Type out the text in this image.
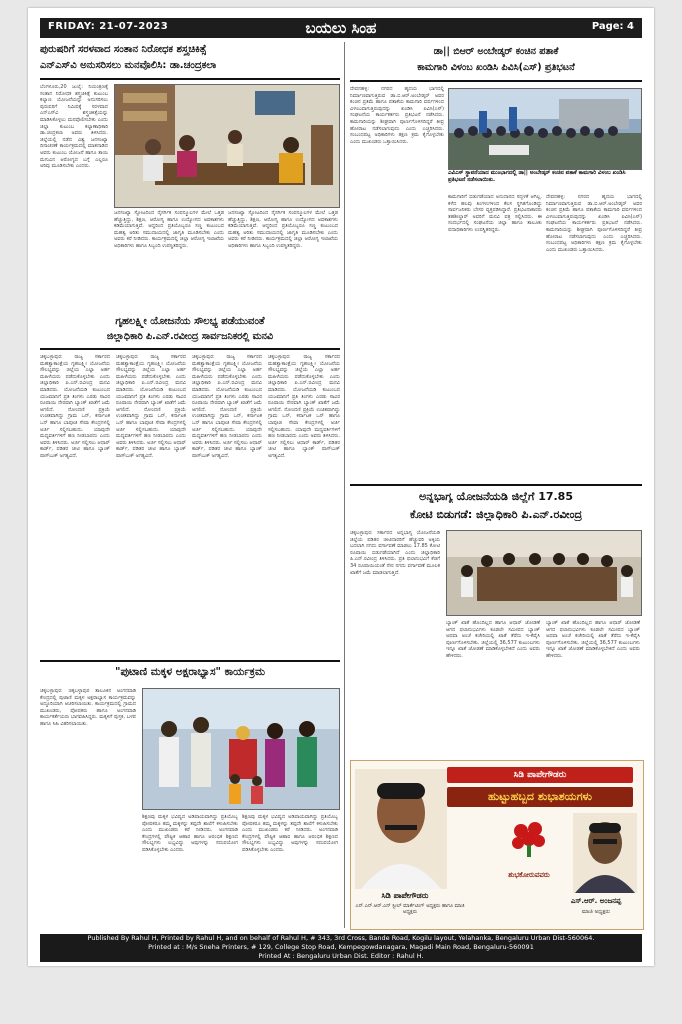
FRIDAY: 21-07-2023	ಬಯಲು ಸಿಂಹ	Page: 4
ಪುರುಷರಿಗೆ ಸರಳವಾದ ಸಂತಾನ ನಿರೋಧಕ ಶಸ್ತ್ರಚಿಕಿತ್ಸೆ
ಎನ್‌ಎಸ್‌ವಿ ಅನುಸರಿಸಲು ಮನವೊಲಿಸಿ: ಡಾ.ಚಂದ್ರಕಲಾ
ಬೆಂಗಳೂರು,20 ಜುಲೈ: ನಿಯಂತ್ರಣಕ್ಕೆ ಸಂತಾನ ನಿರೋಧಕ ಶಸ್ತ್ರಚಿಕಿತ್ಸೆ ಕುಟುಂಬ ಕಲ್ಯಾಣ ಯೋಜನೆಯನ್ನು ಅನುಸರಿಸಲು ಪುರುಷರಿಗೆ ನಿಮಿಷಕ್ಕೆ ಸರಳವಾದ ಎನ್‌ಎಸ್‌ವಿ ಶಸ್ತ್ರಚಿಕಿತ್ಸೆಯನ್ನು ಮಾಡಿಸಿಕೊಳ್ಳಲು ಮನವೊಲಿಸಬೇಕು ಎಂದು ಜಿಲ್ಲಾ ಕುಟುಂಬ ಕಲ್ಯಾಣಾಧಿಕಾರಿ ಡಾ.ಚಂದ್ರಕಲಾ ಅವರು ತಿಳಿಸಿದರು. ಜಿಲ್ಲೆಯಲ್ಲಿ ನಡೆದ ವಿಶ್ವ ಜನಸಂಖ್ಯಾ ದಿನಾಚರಣೆ ಕಾರ್ಯಕ್ರಮದಲ್ಲಿ ಮಾತನಾಡಿದ ಅವರು ಕುಟುಂಬ ಯೋಜನೆ ಹಾಗೂ ತಾಯಿ ಮಗುವಿನ ಆರೋಗ್ಯದ ಬಗ್ಗೆ ಎಲ್ಲರೂ ಅರಿವು ಮೂಡಿಸಬೇಕು ಎಂದರು.
ಜನಸಂಖ್ಯಾ ಸ್ಫೋಟದಿಂದ ನೈಸರ್ಗಿಕ ಸಂಪನ್ಮೂಲಗಳ ಮೇಲೆ ಒತ್ತಡ ಹೆಚ್ಚುತ್ತಿದ್ದು, ಶಿಕ್ಷಣ, ಆರೋಗ್ಯ ಹಾಗೂ ಉದ್ಯೋಗದ ಅವಕಾಶಗಳು ಕಡಿಮೆಯಾಗುತ್ತಿವೆ. ಆದ್ದರಿಂದ ಪ್ರತಿಯೊಬ್ಬರೂ ಸಣ್ಣ ಕುಟುಂಬದ ಮಹತ್ವ ಅರಿತು ಸಮುದಾಯದಲ್ಲಿ ಜಾಗೃತಿ ಮೂಡಿಸಬೇಕು ಎಂದು ಅವರು ಕರೆ ನೀಡಿದರು. ಕಾರ್ಯಕ್ರಮದಲ್ಲಿ ಜಿಲ್ಲಾ ಆರೋಗ್ಯ ಇಲಾಖೆಯ ಅಧಿಕಾರಿಗಳು ಹಾಗೂ ಸಿಬ್ಬಂದಿ ಉಪಸ್ಥಿತರಿದ್ದರು.
ಜನಸಂಖ್ಯಾ ಸ್ಫೋಟದಿಂದ ನೈಸರ್ಗಿಕ ಸಂಪನ್ಮೂಲಗಳ ಮೇಲೆ ಒತ್ತಡ ಹೆಚ್ಚುತ್ತಿದ್ದು, ಶಿಕ್ಷಣ, ಆರೋಗ್ಯ ಹಾಗೂ ಉದ್ಯೋಗದ ಅವಕಾಶಗಳು ಕಡಿಮೆಯಾಗುತ್ತಿವೆ. ಆದ್ದರಿಂದ ಪ್ರತಿಯೊಬ್ಬರೂ ಸಣ್ಣ ಕುಟುಂಬದ ಮಹತ್ವ ಅರಿತು ಸಮುದಾಯದಲ್ಲಿ ಜಾಗೃತಿ ಮೂಡಿಸಬೇಕು ಎಂದು ಅವರು ಕರೆ ನೀಡಿದರು. ಕಾರ್ಯಕ್ರಮದಲ್ಲಿ ಜಿಲ್ಲಾ ಆರೋಗ್ಯ ಇಲಾಖೆಯ ಅಧಿಕಾರಿಗಳು ಹಾಗೂ ಸಿಬ್ಬಂದಿ ಉಪಸ್ಥಿತರಿದ್ದರು.
ಗೃಹಲಕ್ಷ್ಮೀ ಯೋಜನೆಯ ಸೌಲಭ್ಯ ಪಡೆಯುವಂತೆ
ಜಿಲ್ಲಾಧಿಕಾರಿ ಪಿ.ಎನ್.ರವೀಂದ್ರ ಸಾರ್ವಜನಿಕರಲ್ಲಿ ಮನವಿ
ಚಿಕ್ಕಬಳ್ಳಾಪುರ: ರಾಜ್ಯ ಸರ್ಕಾರದ ಮಹತ್ವಾಕಾಂಕ್ಷೆಯ ಗೃಹಲಕ್ಷ್ಮೀ ಯೋಜನೆಯ ಸೌಲಭ್ಯವನ್ನು ಜಿಲ್ಲೆಯ ಎಲ್ಲಾ ಅರ್ಹ ಮಹಿಳೆಯರು ಪಡೆದುಕೊಳ್ಳಬೇಕು ಎಂದು ಜಿಲ್ಲಾಧಿಕಾರಿ ಪಿ.ಎನ್.ರವೀಂದ್ರ ಮನವಿ ಮಾಡಿದರು. ಯೋಜನೆಯಡಿ ಕುಟುಂಬದ ಯಜಮಾನಿಗೆ ಪ್ರತಿ ತಿಂಗಳು ಎರಡು ಸಾವಿರ ರೂಪಾಯಿ ನೇರವಾಗಿ ಬ್ಯಾಂಕ್ ಖಾತೆಗೆ ಜಮೆ ಆಗಲಿದೆ. ನೋಂದಣಿ ಪ್ರಕ್ರಿಯೆ ಉಚಿತವಾಗಿದ್ದು ಗ್ರಾಮ ಒನ್, ಕರ್ನಾಟಕ ಒನ್ ಹಾಗೂ ಬಾಪೂಜಿ ಸೇವಾ ಕೇಂದ್ರಗಳಲ್ಲಿ ಅರ್ಜಿ ಸಲ್ಲಿಸಬಹುದು. ಯಾವುದೇ ಮಧ್ಯವರ್ತಿಗಳಿಗೆ ಹಣ ನೀಡಬಾರದು ಎಂದು ಅವರು ತಿಳಿಸಿದರು. ಅರ್ಜಿ ಸಲ್ಲಿಸಲು ಆಧಾರ್ ಕಾರ್ಡ್, ಪಡಿತರ ಚೀಟಿ ಹಾಗೂ ಬ್ಯಾಂಕ್ ಪಾಸ್‌ಬುಕ್ ಅಗತ್ಯವಿದೆ.
ಚಿಕ್ಕಬಳ್ಳಾಪುರ: ರಾಜ್ಯ ಸರ್ಕಾರದ ಮಹತ್ವಾಕಾಂಕ್ಷೆಯ ಗೃಹಲಕ್ಷ್ಮೀ ಯೋಜನೆಯ ಸೌಲಭ್ಯವನ್ನು ಜಿಲ್ಲೆಯ ಎಲ್ಲಾ ಅರ್ಹ ಮಹಿಳೆಯರು ಪಡೆದುಕೊಳ್ಳಬೇಕು ಎಂದು ಜಿಲ್ಲಾಧಿಕಾರಿ ಪಿ.ಎನ್.ರವೀಂದ್ರ ಮನವಿ ಮಾಡಿದರು. ಯೋಜನೆಯಡಿ ಕುಟುಂಬದ ಯಜಮಾನಿಗೆ ಪ್ರತಿ ತಿಂಗಳು ಎರಡು ಸಾವಿರ ರೂಪಾಯಿ ನೇರವಾಗಿ ಬ್ಯಾಂಕ್ ಖಾತೆಗೆ ಜಮೆ ಆಗಲಿದೆ. ನೋಂದಣಿ ಪ್ರಕ್ರಿಯೆ ಉಚಿತವಾಗಿದ್ದು ಗ್ರಾಮ ಒನ್, ಕರ್ನಾಟಕ ಒನ್ ಹಾಗೂ ಬಾಪೂಜಿ ಸೇವಾ ಕೇಂದ್ರಗಳಲ್ಲಿ ಅರ್ಜಿ ಸಲ್ಲಿಸಬಹುದು. ಯಾವುದೇ ಮಧ್ಯವರ್ತಿಗಳಿಗೆ ಹಣ ನೀಡಬಾರದು ಎಂದು ಅವರು ತಿಳಿಸಿದರು. ಅರ್ಜಿ ಸಲ್ಲಿಸಲು ಆಧಾರ್ ಕಾರ್ಡ್, ಪಡಿತರ ಚೀಟಿ ಹಾಗೂ ಬ್ಯಾಂಕ್ ಪಾಸ್‌ಬುಕ್ ಅಗತ್ಯವಿದೆ.
ಚಿಕ್ಕಬಳ್ಳಾಪುರ: ರಾಜ್ಯ ಸರ್ಕಾರದ ಮಹತ್ವಾಕಾಂಕ್ಷೆಯ ಗೃಹಲಕ್ಷ್ಮೀ ಯೋಜನೆಯ ಸೌಲಭ್ಯವನ್ನು ಜಿಲ್ಲೆಯ ಎಲ್ಲಾ ಅರ್ಹ ಮಹಿಳೆಯರು ಪಡೆದುಕೊಳ್ಳಬೇಕು ಎಂದು ಜಿಲ್ಲಾಧಿಕಾರಿ ಪಿ.ಎನ್.ರವೀಂದ್ರ ಮನವಿ ಮಾಡಿದರು. ಯೋಜನೆಯಡಿ ಕುಟುಂಬದ ಯಜಮಾನಿಗೆ ಪ್ರತಿ ತಿಂಗಳು ಎರಡು ಸಾವಿರ ರೂಪಾಯಿ ನೇರವಾಗಿ ಬ್ಯಾಂಕ್ ಖಾತೆಗೆ ಜಮೆ ಆಗಲಿದೆ. ನೋಂದಣಿ ಪ್ರಕ್ರಿಯೆ ಉಚಿತವಾಗಿದ್ದು ಗ್ರಾಮ ಒನ್, ಕರ್ನಾಟಕ ಒನ್ ಹಾಗೂ ಬಾಪೂಜಿ ಸೇವಾ ಕೇಂದ್ರಗಳಲ್ಲಿ ಅರ್ಜಿ ಸಲ್ಲಿಸಬಹುದು. ಯಾವುದೇ ಮಧ್ಯವರ್ತಿಗಳಿಗೆ ಹಣ ನೀಡಬಾರದು ಎಂದು ಅವರು ತಿಳಿಸಿದರು. ಅರ್ಜಿ ಸಲ್ಲಿಸಲು ಆಧಾರ್ ಕಾರ್ಡ್, ಪಡಿತರ ಚೀಟಿ ಹಾಗೂ ಬ್ಯಾಂಕ್ ಪಾಸ್‌ಬುಕ್ ಅಗತ್ಯವಿದೆ.
ಚಿಕ್ಕಬಳ್ಳಾಪುರ: ರಾಜ್ಯ ಸರ್ಕಾರದ ಮಹತ್ವಾಕಾಂಕ್ಷೆಯ ಗೃಹಲಕ್ಷ್ಮೀ ಯೋಜನೆಯ ಸೌಲಭ್ಯವನ್ನು ಜಿಲ್ಲೆಯ ಎಲ್ಲಾ ಅರ್ಹ ಮಹಿಳೆಯರು ಪಡೆದುಕೊಳ್ಳಬೇಕು ಎಂದು ಜಿಲ್ಲಾಧಿಕಾರಿ ಪಿ.ಎನ್.ರವೀಂದ್ರ ಮನವಿ ಮಾಡಿದರು. ಯೋಜನೆಯಡಿ ಕುಟುಂಬದ ಯಜಮಾನಿಗೆ ಪ್ರತಿ ತಿಂಗಳು ಎರಡು ಸಾವಿರ ರೂಪಾಯಿ ನೇರವಾಗಿ ಬ್ಯಾಂಕ್ ಖಾತೆಗೆ ಜಮೆ ಆಗಲಿದೆ. ನೋಂದಣಿ ಪ್ರಕ್ರಿಯೆ ಉಚಿತವಾಗಿದ್ದು ಗ್ರಾಮ ಒನ್, ಕರ್ನಾಟಕ ಒನ್ ಹಾಗೂ ಬಾಪೂಜಿ ಸೇವಾ ಕೇಂದ್ರಗಳಲ್ಲಿ ಅರ್ಜಿ ಸಲ್ಲಿಸಬಹುದು. ಯಾವುದೇ ಮಧ್ಯವರ್ತಿಗಳಿಗೆ ಹಣ ನೀಡಬಾರದು ಎಂದು ಅವರು ತಿಳಿಸಿದರು. ಅರ್ಜಿ ಸಲ್ಲಿಸಲು ಆಧಾರ್ ಕಾರ್ಡ್, ಪಡಿತರ ಚೀಟಿ ಹಾಗೂ ಬ್ಯಾಂಕ್ ಪಾಸ್‌ಬುಕ್ ಅಗತ್ಯವಿದೆ.
"ಪುಟಾಣಿ ಮಕ್ಕಳ ಅಕ್ಷರಾಭ್ಯಾಸ" ಕಾರ್ಯಕ್ರಮ
ಚಿಕ್ಕಬಳ್ಳಾಪುರ: ಚಿಕ್ಕಬಳ್ಳಾಪುರ ತಾಲೂಕಿನ ಅಂಗನವಾಡಿ ಕೇಂದ್ರದಲ್ಲಿ ಪುಟಾಣಿ ಮಕ್ಕಳ ಅಕ್ಷರಾಭ್ಯಾಸ ಕಾರ್ಯಕ್ರಮವನ್ನು ಅದ್ದೂರಿಯಾಗಿ ಆಚರಿಸಲಾಯಿತು. ಕಾರ್ಯಕ್ರಮದಲ್ಲಿ ಗ್ರಾಮದ ಮುಖಂಡರು, ಪೋಷಕರು ಹಾಗೂ ಅಂಗನವಾಡಿ ಕಾರ್ಯಕರ್ತೆಯರು ಭಾಗವಹಿಸಿದ್ದರು. ಮಕ್ಕಳಿಗೆ ಪುಸ್ತಕ, ಬಳಪ ಹಾಗೂ ಸಿಹಿ ವಿತರಿಸಲಾಯಿತು.
ಶಿಕ್ಷಣವು ಮಕ್ಕಳ ಭವಿಷ್ಯದ ಅಡಿಪಾಯವಾಗಿದ್ದು ಪ್ರತಿಯೊಬ್ಬ ಪೋಷಕರೂ ತಮ್ಮ ಮಕ್ಕಳನ್ನು ತಪ್ಪದೇ ಶಾಲೆಗೆ ಕಳುಹಿಸಬೇಕು ಎಂದು ಮುಖಂಡರು ಕರೆ ನೀಡಿದರು. ಅಂಗನವಾಡಿ ಕೇಂದ್ರಗಳಲ್ಲಿ ಪೌಷ್ಟಿಕ ಆಹಾರ ಹಾಗೂ ಆರಂಭಿಕ ಶಿಕ್ಷಣದ ಸೌಲಭ್ಯಗಳು ಲಭ್ಯವಿದ್ದು ಅವುಗಳನ್ನು ಸದುಪಯೋಗ ಪಡಿಸಿಕೊಳ್ಳಬೇಕು ಎಂದರು.
ಶಿಕ್ಷಣವು ಮಕ್ಕಳ ಭವಿಷ್ಯದ ಅಡಿಪಾಯವಾಗಿದ್ದು ಪ್ರತಿಯೊಬ್ಬ ಪೋಷಕರೂ ತಮ್ಮ ಮಕ್ಕಳನ್ನು ತಪ್ಪದೇ ಶಾಲೆಗೆ ಕಳುಹಿಸಬೇಕು ಎಂದು ಮುಖಂಡರು ಕರೆ ನೀಡಿದರು. ಅಂಗನವಾಡಿ ಕೇಂದ್ರಗಳಲ್ಲಿ ಪೌಷ್ಟಿಕ ಆಹಾರ ಹಾಗೂ ಆರಂಭಿಕ ಶಿಕ್ಷಣದ ಸೌಲಭ್ಯಗಳು ಲಭ್ಯವಿದ್ದು ಅವುಗಳನ್ನು ಸದುಪಯೋಗ ಪಡಿಸಿಕೊಳ್ಳಬೇಕು ಎಂದರು.
ಡಾ|| ಬಿಆರ್ ಅಂಬೇಡ್ಕರ್ ಕಂಚಿನ ಪತಾಕೆ
ಕಾಮಗಾರಿ ವಿಳಂಬ ಖಂಡಿಸಿ ಪಿವಿಸಿ(ಎಸ್) ಪ್ರತಿಭಟನೆ
ದೇವನಹಳ್ಳಿ: ನಗರದ ಹೃದಯ ಭಾಗದಲ್ಲಿ ನಿರ್ಮಾಣವಾಗುತ್ತಿರುವ ಡಾ.ಬಿ.ಆರ್.ಅಂಬೇಡ್ಕರ್ ಅವರ ಕಂಚಿನ ಪ್ರತಿಮೆ ಹಾಗೂ ಪತಾಕೆಯ ಕಾಮಗಾರಿ ವರ್ಷಗಳಿಂದ ವಿಳಂಬವಾಗುತ್ತಿರುವುದನ್ನು ಖಂಡಿಸಿ ಪಿವಿಸಿ(ಎಸ್) ಸಂಘಟನೆಯ ಕಾರ್ಯಕರ್ತರು ಪ್ರತಿಭಟನೆ ನಡೆಸಿದರು. ಕಾಮಗಾರಿಯನ್ನು ಶೀಘ್ರವಾಗಿ ಪೂರ್ಣಗೊಳಿಸದಿದ್ದರೆ ತೀವ್ರ ಹೋರಾಟ ನಡೆಸಲಾಗುವುದು ಎಂದು ಎಚ್ಚರಿಸಿದರು. ಸಂಬಂಧಪಟ್ಟ ಅಧಿಕಾರಿಗಳು ತಕ್ಷಣ ಕ್ರಮ ಕೈಗೊಳ್ಳಬೇಕು ಎಂದು ಮುಖಂಡರು ಒತ್ತಾಯಿಸಿದರು.
ಎವಿಎಸ್ ಸ್ಥಾಪನೆಯಾದ ಮುಂಭಾಗದಲ್ಲಿ ಡಾ|| ಅಂಬೇಡ್ಕರ್ ಕಂಚಿನ ಪತಾಕೆ ಕಾಮಗಾರಿ ವಿಳಂಬ ಖಂಡಿಸಿ ಪ್ರತಿಭಟನೆ ನಡೆಸಲಾಯಿತು.
ಕಾಮಗಾರಿಗೆ ಬಿಡುಗಡೆಯಾದ ಅನುದಾನದ ಸದ್ಬಳಕೆ ಆಗಿಲ್ಲ. ಕಳೆದ ಹಲವು ತಿಂಗಳುಗಳಿಂದ ಕೆಲಸ ಸ್ಥಗಿತಗೊಂಡಿದ್ದು ಸಾರ್ವಜನಿಕರು ಬೇಸರ ವ್ಯಕ್ತಪಡಿಸಿದ್ದಾರೆ. ಪ್ರತಿಭಟನಾಕಾರರು ತಹಶೀಲ್ದಾರ್ ಅವರಿಗೆ ಮನವಿ ಪತ್ರ ಸಲ್ಲಿಸಿದರು. ಈ ಸಂದರ್ಭದಲ್ಲಿ ಸಂಘಟನೆಯ ಜಿಲ್ಲಾ ಹಾಗೂ ತಾಲೂಕು ಪದಾಧಿಕಾರಿಗಳು ಉಪಸ್ಥಿತರಿದ್ದರು.
ದೇವನಹಳ್ಳಿ: ನಗರದ ಹೃದಯ ಭಾಗದಲ್ಲಿ ನಿರ್ಮಾಣವಾಗುತ್ತಿರುವ ಡಾ.ಬಿ.ಆರ್.ಅಂಬೇಡ್ಕರ್ ಅವರ ಕಂಚಿನ ಪ್ರತಿಮೆ ಹಾಗೂ ಪತಾಕೆಯ ಕಾಮಗಾರಿ ವರ್ಷಗಳಿಂದ ವಿಳಂಬವಾಗುತ್ತಿರುವುದನ್ನು ಖಂಡಿಸಿ ಪಿವಿಸಿ(ಎಸ್) ಸಂಘಟನೆಯ ಕಾರ್ಯಕರ್ತರು ಪ್ರತಿಭಟನೆ ನಡೆಸಿದರು. ಕಾಮಗಾರಿಯನ್ನು ಶೀಘ್ರವಾಗಿ ಪೂರ್ಣಗೊಳಿಸದಿದ್ದರೆ ತೀವ್ರ ಹೋರಾಟ ನಡೆಸಲಾಗುವುದು ಎಂದು ಎಚ್ಚರಿಸಿದರು. ಸಂಬಂಧಪಟ್ಟ ಅಧಿಕಾರಿಗಳು ತಕ್ಷಣ ಕ್ರಮ ಕೈಗೊಳ್ಳಬೇಕು ಎಂದು ಮುಖಂಡರು ಒತ್ತಾಯಿಸಿದರು.
ಅನ್ನಭಾಗ್ಯ ಯೋಜನೆಯಡಿ ಜಿಲ್ಲೆಗೆ 17.85
ಕೋಟಿ ಬಿಡುಗಡೆ: ಜಿಲ್ಲಾಧಿಕಾರಿ ಪಿ.ಎನ್.ರವೀಂದ್ರ
ಚಿಕ್ಕಬಳ್ಳಾಪುರ: ಸರ್ಕಾರದ ಅನ್ನಭಾಗ್ಯ ಯೋಜನೆಯಡಿ ಜಿಲ್ಲೆಯ ಪಡಿತರ ಚೀಟಿದಾರರಿಗೆ ಹೆಚ್ಚುವರಿ ಅಕ್ಕಿಯ ಬದಲಾಗಿ ನಗದು ವರ್ಗಾವಣೆ ಮಾಡಲು 17.85 ಕೋಟಿ ರೂಪಾಯಿ ಬಿಡುಗಡೆಯಾಗಿದೆ ಎಂದು ಜಿಲ್ಲಾಧಿಕಾರಿ ಪಿ.ಎನ್.ರವೀಂದ್ರ ತಿಳಿಸಿದರು. ಪ್ರತಿ ಫಲಾನುಭವಿಗೆ ಕೆಜಿಗೆ 34 ರೂಪಾಯಿಯಂತೆ ನೇರ ನಗದು ವರ್ಗಾವಣೆ ಮೂಲಕ ಖಾತೆಗೆ ಜಮೆ ಮಾಡಲಾಗುತ್ತಿದೆ.
ಬ್ಯಾಂಕ್ ಖಾತೆ ಹೊಂದಿಲ್ಲದ ಹಾಗೂ ಆಧಾರ್ ಜೋಡಣೆ ಆಗದ ಫಲಾನುಭವಿಗಳು ಕೂಡಲೇ ಸಮೀಪದ ಬ್ಯಾಂಕ್ ಅಥವಾ ಅಂಚೆ ಕಚೇರಿಯಲ್ಲಿ ಖಾತೆ ತೆರೆದು ಇ-ಕೆವೈಸಿ ಪೂರ್ಣಗೊಳಿಸಬೇಕು. ಜಿಲ್ಲೆಯಲ್ಲಿ 36,577 ಕುಟುಂಬಗಳು ಇನ್ನೂ ಖಾತೆ ಜೋಡಣೆ ಮಾಡಿಕೊಳ್ಳಬೇಕಿದೆ ಎಂದು ಅವರು ಹೇಳಿದರು.
ಬ್ಯಾಂಕ್ ಖಾತೆ ಹೊಂದಿಲ್ಲದ ಹಾಗೂ ಆಧಾರ್ ಜೋಡಣೆ ಆಗದ ಫಲಾನುಭವಿಗಳು ಕೂಡಲೇ ಸಮೀಪದ ಬ್ಯಾಂಕ್ ಅಥವಾ ಅಂಚೆ ಕಚೇರಿಯಲ್ಲಿ ಖಾತೆ ತೆರೆದು ಇ-ಕೆವೈಸಿ ಪೂರ್ಣಗೊಳಿಸಬೇಕು. ಜಿಲ್ಲೆಯಲ್ಲಿ 36,577 ಕುಟುಂಬಗಳು ಇನ್ನೂ ಖಾತೆ ಜೋಡಣೆ ಮಾಡಿಕೊಳ್ಳಬೇಕಿದೆ ಎಂದು ಅವರು ಹೇಳಿದರು.
ಸಿಡಿ ಪಾಪೇಗೌಡರು
ಹುಟ್ಟುಹಬ್ಬದ ಶುಭಾಶಯಗಳು
ಸಿಡಿ ಪಾಪೇಗೌಡರು
ಎನ್.ಎನ್.ಆರ್.ಎನ್ ಸ್ಟೀಲ್ ಮಾರ್ಕೆಟಿಂಗ್ ಅಧ್ಯಕ್ಷರು ಹಾಗೂ ಮಾಜಿ ಅಧ್ಯಕ್ಷರು
ಶುಭಕೋರುವವರು
ಎಸ್.ಆರ್. ಅಂಜನಪ್ಪ
ಮಾಜಿ ಅಧ್ಯಕ್ಷರು
Published By Rahul H, Printed by Rahul H, and on behalf of Rahul H, # 343, 3rd Cross, Bande Road, Kogilu layout, Yelahanka, Bengaluru Urban Dist-560064.
Printed at : M/s Sneha Printers, # 129, College Stop Road, Kempegowdanagara, Magadi Main Road, Bengaluru-560091
Printed At : Bengaluru Urban Dist. Editor : Rahul H.
